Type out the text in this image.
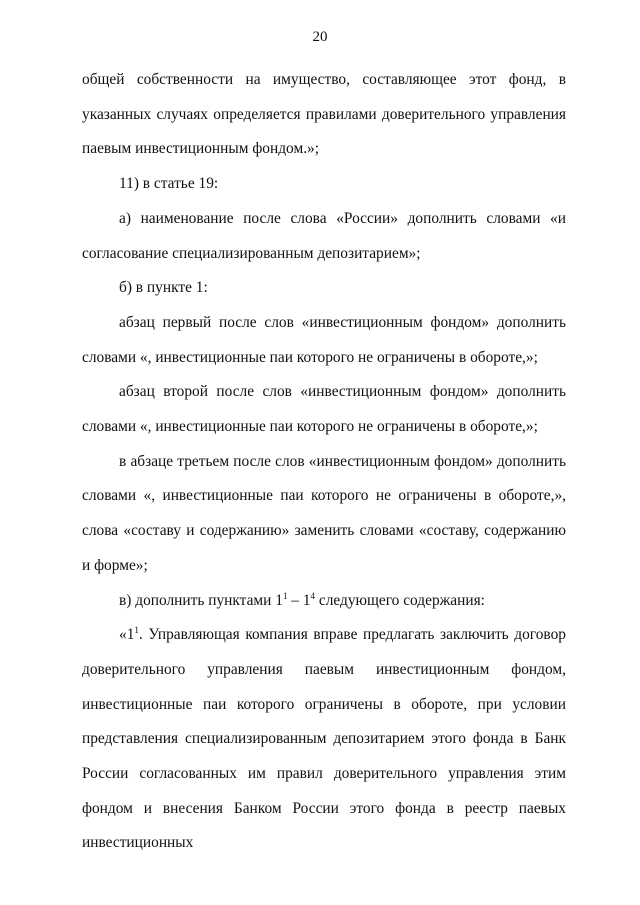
20

общей собственности на имущество, составляющее этот фонд, в указанных случаях определяется правилами доверительного управления паевым инвестиционным фондом.»;

11) в статье 19:

а) наименование после слова «России» дополнить словами «и согласование специализированным депозитарием»;

б) в пункте 1:

абзац первый после слов «инвестиционным фондом» дополнить словами «, инвестиционные паи которого не ограничены в обороте,»;

абзац второй после слов «инвестиционным фондом» дополнить словами «, инвестиционные паи которого не ограничены в обороте,»;

в абзаце третьем после слов «инвестиционным фондом» дополнить словами «, инвестиционные паи которого не ограничены в обороте,», слова «составу и содержанию» заменить словами «составу, содержанию и форме»;

в) дополнить пунктами $1^1 - 1^4$ следующего содержания:

«$1^1$. Управляющая компания вправе предлагать заключить договор доверительного управления паевым инвестиционным фондом, инвестиционные паи которого ограничены в обороте, при условии представления специализированным депозитарием этого фонда в Банк России согласованных им правил доверительного управления этим фондом и внесения Банком России этого фонда в реестр паевых инвестиционных
